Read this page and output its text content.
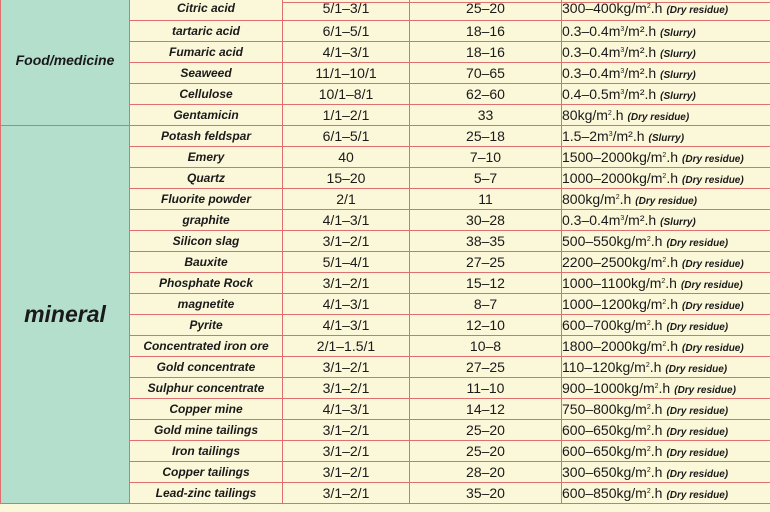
Food/medicine	Citric acid	5/1–3/1	25–20	$300-400kg/m^2.h$ (Dry residue)
	tartaric acid	6/1–5/1	18–16	$0.3-0.4m^3/m^2.h$ (Slurry)
	Fumaric acid	4/1–3/1	18–16	$0.3-0.4m^3/m^2.h$ (Slurry)
	Seaweed	11/1–10/1	70–65	$0.3-0.4m^3/m^2.h$ (Slurry)
	Cellulose	10/1–8/1	62–60	$0.4-0.5m^3/m^2.h$ (Slurry)
	Gentamicin	1/1–2/1	33	$80kg/m^2.h$ (Dry residue)
mineral	Potash feldspar	6/1–5/1	25–18	$1.5-2m^3/m^2.h$ (Slurry)
	Emery	40	7–10	$1500-2000kg/m^2.h$ (Dry residue)
	Quartz	15–20	5–7	$1000-2000kg/m^2.h$ (Dry residue)
	Fluorite powder	2/1	11	$800kg/m^2.h$ (Dry residue)
	graphite	4/1–3/1	30–28	$0.3-0.4m^3/m^2.h$ (Slurry)
	Silicon slag	3/1–2/1	38–35	$500-550kg/m^2.h$ (Dry residue)
	Bauxite	5/1–4/1	27–25	$2200-2500kg/m^2.h$ (Dry residue)
	Phosphate Rock	3/1–2/1	15–12	$1000-1100kg/m^2.h$ (Dry residue)
	magnetite	4/1–3/1	8–7	$1000-1200kg/m^2.h$ (Dry residue)
	Pyrite	4/1–3/1	12–10	$600-700kg/m^2.h$ (Dry residue)
	Concentrated iron ore	2/1–1.5/1	10–8	$1800-2000kg/m^2.h$ (Dry residue)
	Gold concentrate	3/1–2/1	27–25	$110-120kg/m^2.h$ (Dry residue)
	Sulphur concentrate	3/1–2/1	11–10	$900-1000kg/m^2.h$ (Dry residue)
	Copper mine	4/1–3/1	14–12	$750-800kg/m^2.h$ (Dry residue)
	Gold mine tailings	3/1–2/1	25–20	$600-650kg/m^2.h$ (Dry residue)
	Iron tailings	3/1–2/1	25–20	$600-650kg/m^2.h$ (Dry residue)
	Copper tailings	3/1–2/1	28–20	$300-650kg/m^2.h$ (Dry residue)
	Lead-zinc tailings	3/1–2/1	35–20	$600-850kg/m^2.h$ (Dry residue)
